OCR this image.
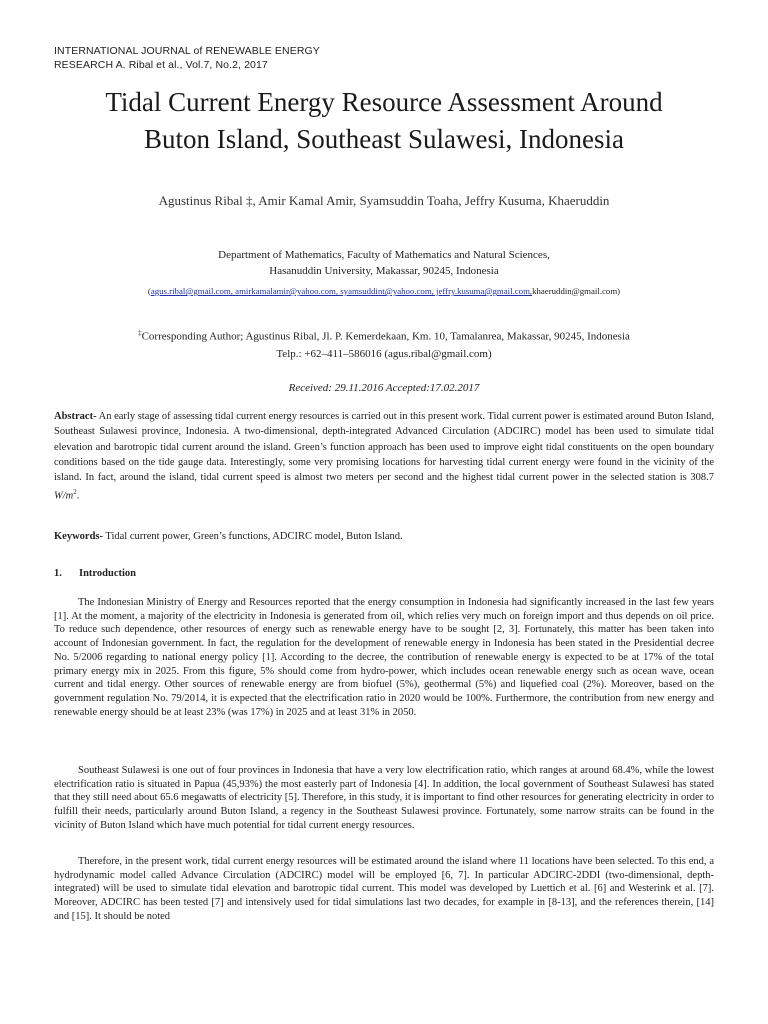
INTERNATIONAL JOURNAL of RENEWABLE ENERGY
RESEARCH A. Ribal et al., Vol.7, No.2, 2017
Tidal Current Energy Resource Assessment Around
Buton Island, Southeast Sulawesi, Indonesia
Agustinus Ribal ‡, Amir Kamal Amir, Syamsuddin Toaha, Jeffry Kusuma, Khaeruddin
Department of Mathematics, Faculty of Mathematics and Natural Sciences,
Hasanuddin University, Makassar, 90245, Indonesia
(agus.ribal@gmail.com, amirkamalamir@yahoo.com, syamsuddint@yahoo.com, jeffry.kusuma@gmail.com,khaeruddin@gmail.com)
‡Corresponding Author; Agustinus Ribal, Jl. P. Kemerdekaan, Km. 10, Tamalanrea, Makassar, 90245, Indonesia
Telp.: +62–411–586016 (agus.ribal@gmail.com)
Received: 29.11.2016 Accepted:17.02.2017
Abstract- An early stage of assessing tidal current energy resources is carried out in this present work. Tidal current power is estimated around Buton Island, Southeast Sulawesi province, Indonesia. A two-dimensional, depth-integrated Advanced Circulation (ADCIRC) model has been used to simulate tidal elevation and barotropic tidal current around the island. Green’s function approach has been used to improve eight tidal constituents on the open boundary conditions based on the tide gauge data. Interestingly, some very promising locations for harvesting tidal current energy were found in the vicinity of the island. In fact, around the island, tidal current speed is almost two meters per second and the highest tidal current power in the selected station is 308.7 $W/m^2$.
Keywords- Tidal current power, Green’s functions, ADCIRC model, Buton Island.
1. Introduction

The Indonesian Ministry of Energy and Resources reported that the energy consumption in Indonesia had significantly increased in the last few years [1]. At the moment, a majority of the electricity in Indonesia is generated from oil, which relies very much on foreign import and thus depends on oil price. To reduce such dependence, other resources of energy such as renewable energy have to be sought [2, 3]. Fortunately, this matter has been taken into account of Indonesian government. In fact, the regulation for the development of renewable energy in Indonesia has been stated in the Presidential decree No. 5/2006 regarding to national energy policy [1]. According to the decree, the contribution of renewable energy is expected to be at 17% of the total primary energy mix in 2025. From this figure, 5% should come from hydro-power, which includes ocean renewable energy such as ocean wave, ocean current and tidal energy. Other sources of renewable energy are from biofuel (5%), geothermal (5%) and liquefied coal (2%). Moreover, based on the government regulation No. 79/2014, it is expected that the electrification ratio in 2020 would be 100%. Furthermore, the contribution from new energy and renewable energy should be at least 23% (was 17%) in 2025 and at least 31% in 2050.

Southeast Sulawesi is one out of four provinces in Indonesia that have a very low electrification ratio, which ranges at around 68.4%, while the lowest electrification ratio is situated in Papua (45,93%) the most easterly part of Indonesia [4]. In addition, the local government of Southeast Sulawesi has stated that they still need about 65.6 megawatts of electricity [5]. Therefore, in this study, it is important to find other resources for generating electricity in order to fulfill their needs, particularly around Buton Island, a regency in the Southeast Sulawesi province. Fortunately, some narrow straits can be found in the vicinity of Buton Island which have much potential for tidal current energy resources.

Therefore, in the present work, tidal current energy resources will be estimated around the island where 11 locations have been selected. To this end, a hydrodynamic model called Advance Circulation (ADCIRC) model will be employed [6, 7]. In particular ADCIRC-2DDI (two-dimensional, depth-integrated) will be used to simulate tidal elevation and barotropic tidal current. This model was developed by Luettich et al. [6] and Westerink et al. [7]. Moreover, ADCIRC has been tested [7] and intensively used for tidal simulations last two decades, for example in [8-13], and the references therein, [14] and [15]. It should be noted
